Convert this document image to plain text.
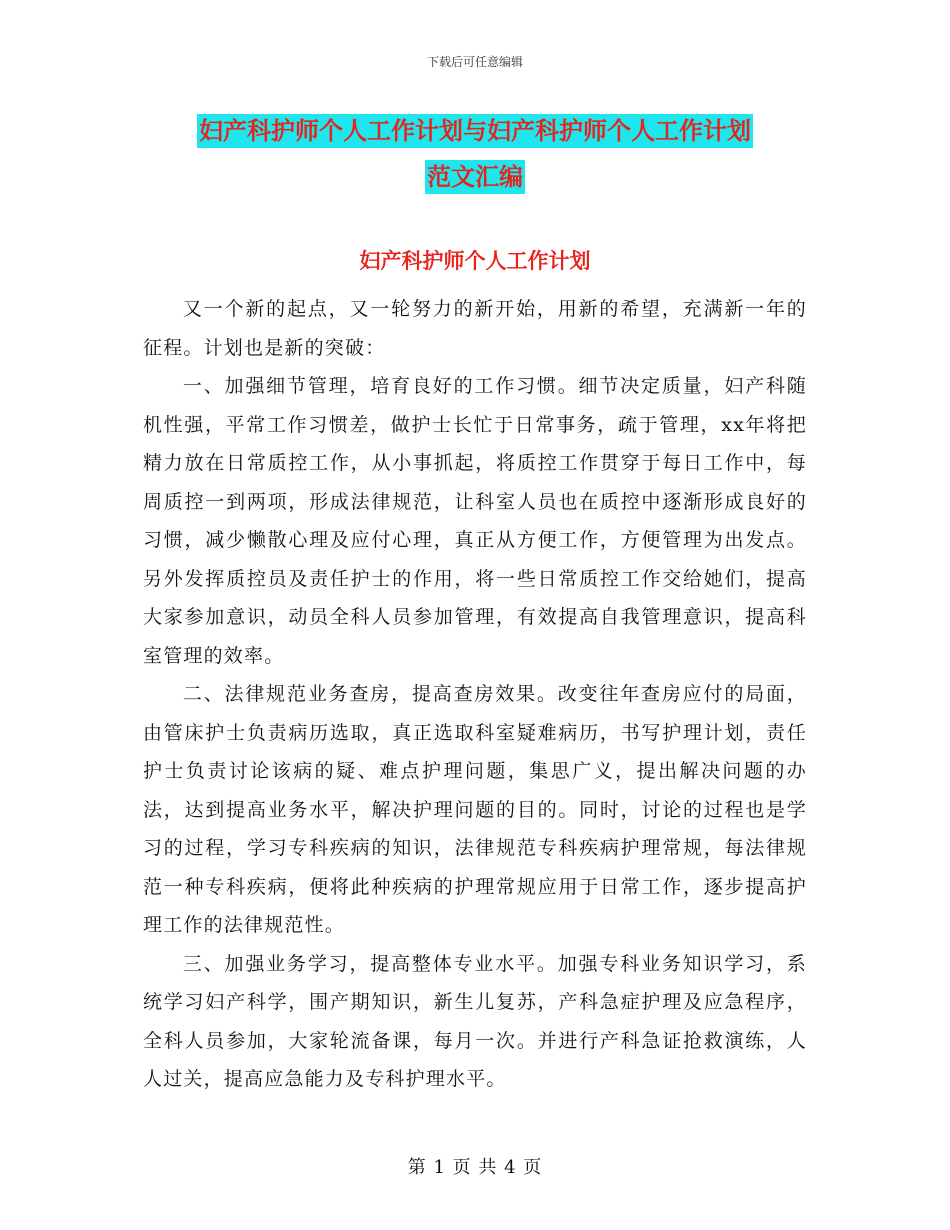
下载后可任意编辑
妇产科护师个人工作计划与妇产科护师个人工作计划
范文汇编
妇产科护师个人工作计划

又一个新的起点，又一轮努力的新开始，用新的希望，充满新一年的征程。计划也是新的突破：

一、加强细节管理，培育良好的工作习惯。细节决定质量，妇产科随机性强，平常工作习惯差，做护士长忙于日常事务，疏于管理，xx年将把精力放在日常质控工作，从小事抓起，将质控工作贯穿于每日工作中，每周质控一到两项，形成法律规范，让科室人员也在质控中逐渐形成良好的习惯，减少懒散心理及应付心理，真正从方便工作，方便管理为出发点。另外发挥质控员及责任护士的作用，将一些日常质控工作交给她们，提高大家参加意识，动员全科人员参加管理，有效提高自我管理意识，提高科室管理的效率。

二、法律规范业务查房，提高查房效果。改变往年查房应付的局面，由管床护士负责病历选取，真正选取科室疑难病历，书写护理计划，责任护士负责讨论该病的疑、难点护理问题，集思广义，提出解决问题的办法，达到提高业务水平，解决护理问题的目的。同时，讨论的过程也是学习的过程，学习专科疾病的知识，法律规范专科疾病护理常规，每法律规范一种专科疾病，便将此种疾病的护理常规应用于日常工作，逐步提高护理工作的法律规范性。

三、加强业务学习，提高整体专业水平。加强专科业务知识学习，系统学习妇产科学，围产期知识，新生儿复苏，产科急症护理及应急程序，全科人员参加，大家轮流备课，每月一次。并进行产科急证抢救演练，人人过关，提高应急能力及专科护理水平。

第 1 页 共 4 页
